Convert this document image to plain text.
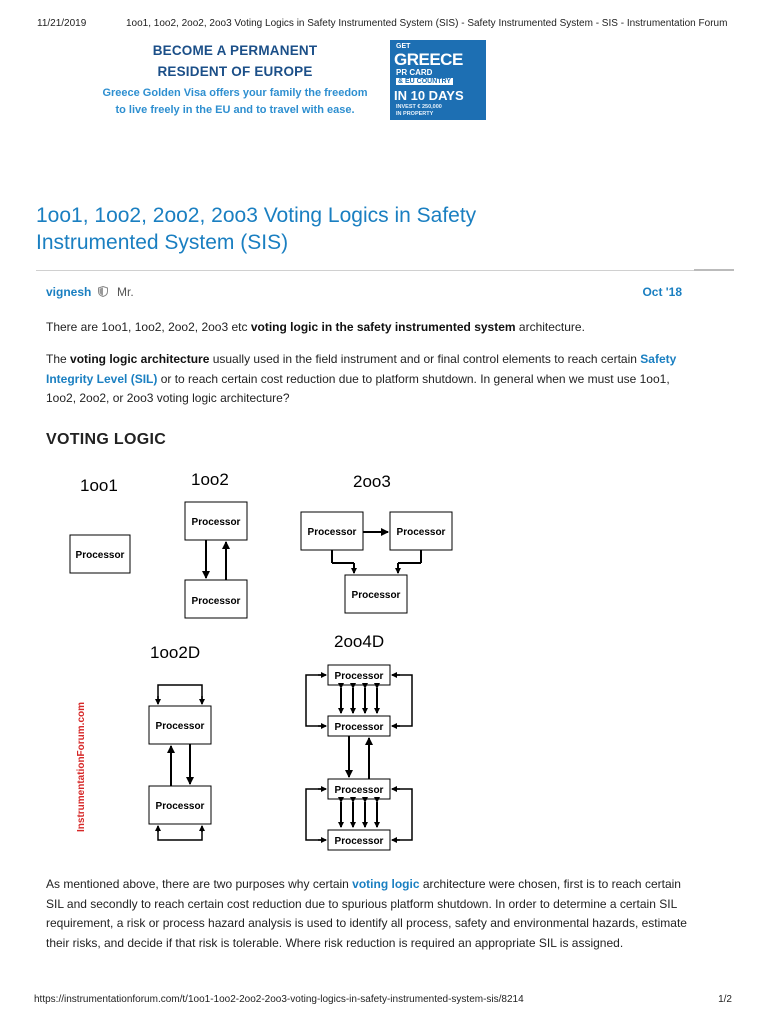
11/21/2019	1oo1, 1oo2, 2oo2, 2oo3 Voting Logics in Safety Instrumented System (SIS) - Safety Instrumented System - SIS - Instrumentation Forum
BECOME A PERMANENT
RESIDENT OF EUROPE
Greece Golden Visa offers your family the freedom
to live freely in the EU and to travel with ease.
GET
GREECE
PR CARD
& EU COUNTRY
IN 10 DAYS
INVEST € 250,000
IN PROPERTY
1oo1, 1oo2, 2oo2, 2oo3 Voting Logics in Safety
Instrumented System (SIS)
vignesh Mr.	Oct '18

There are 1oo1, 1oo2, 2oo2, 2oo3 etc voting logic in the safety instrumented system architecture.

The voting logic architecture usually used in the field instrument and or final control elements to reach certain Safety Integrity Level (SIL) or to reach certain cost reduction due to platform shutdown. In general when we must use 1oo1, 1oo2, 2oo2, or 2oo3 voting logic architecture?

VOTING LOGIC
1oo1	1oo2	2oo3
1oo2D
2oo4D
Processor
Processor
Processor
Processor	Processor
Processor
Processor
Processor
InstrumentationForum.com
Processor
Processor
Processor
Processor

As mentioned above, there are two purposes why certain voting logic architecture were chosen, first is to reach certain SIL and secondly to reach certain cost reduction due to spurious platform shutdown. In order to determine a certain SIL requirement, a risk or process hazard analysis is used to identify all process, safety and environmental hazards, estimate their risks, and decide if that risk is tolerable. Where risk reduction is required an appropriate SIL is assigned.

https://instrumentationforum.com/t/1oo1-1oo2-2oo2-2oo3-voting-logics-in-safety-instrumented-system-sis/8214	1/2
